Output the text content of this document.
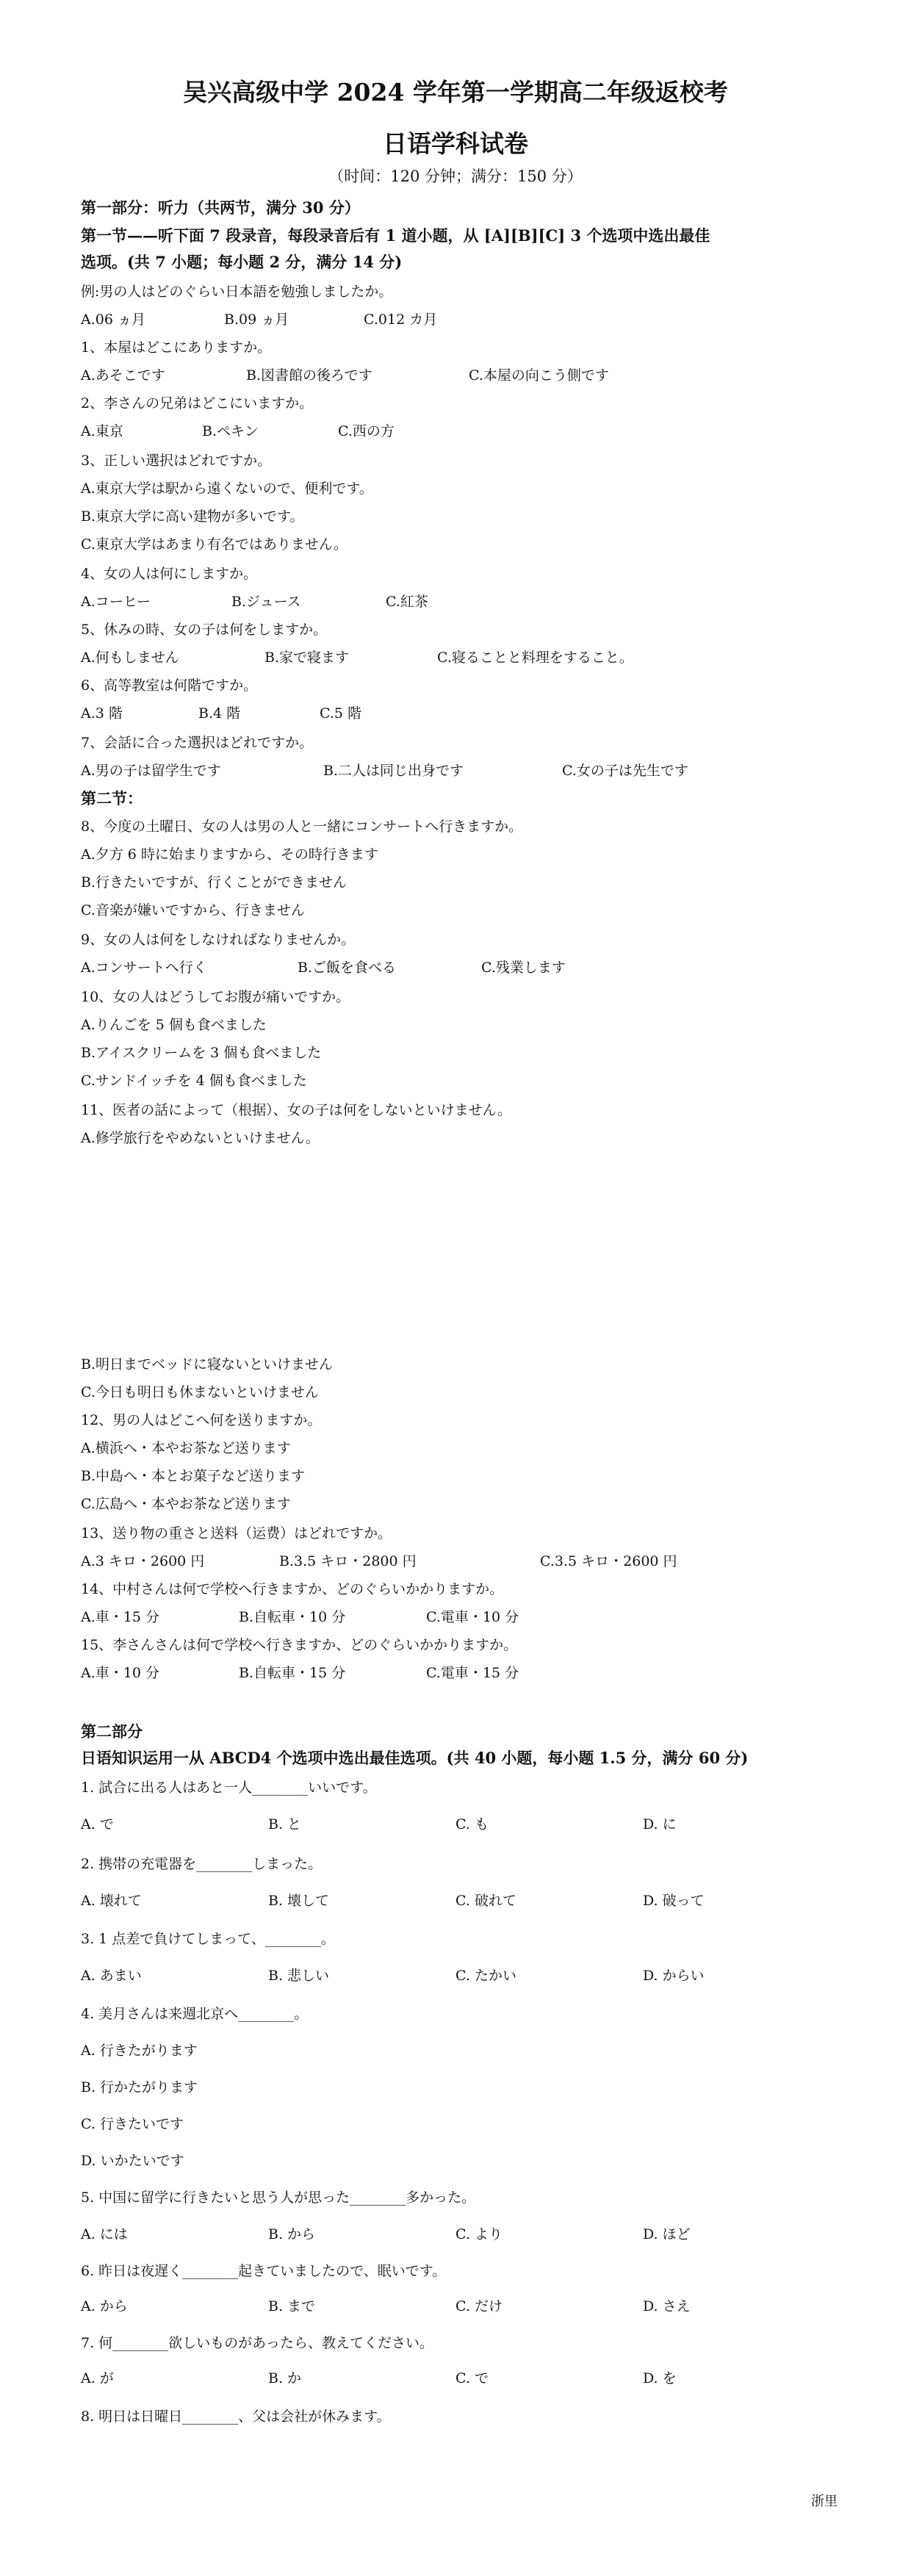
吴兴高级中学 2024 学年第一学期高二年级返校考
日语学科试卷
（时间：120 分钟；满分：150 分）
第一部分：听力（共两节，满分 30 分）
第一节——听下面 7 段录音，每段录音后有 1 道小题，从 [A][B][C] 3 个选项中选出最佳
选项。(共 7 小题；每小题 2 分，满分 14 分)
例:男の人はどのぐらい日本語を勉強しましたか。
A.06 ヵ月	B.09 ヵ月	C.012 カ月
1、本屋はどこにありますか。
A.あそこです	B.図書館の後ろです	C.本屋の向こう側です
2、李さんの兄弟はどこにいますか。
A.東京	B.ペキン	C.西の方
3、正しい選択はどれですか。
A.東京大学は駅から遠くないので、便利です。
B.東京大学に高い建物が多いです。
C.東京大学はあまり有名ではありません。
4、女の人は何にしますか。
A.コーヒー	B.ジュース	C.紅茶
5、休みの時、女の子は何をしますか。
A.何もしません	B.家で寝ます	C.寝ることと料理をすること。
6、高等教室は何階ですか。
A.3 階	B.4 階	C.5 階
7、会話に合った選択はどれですか。
A.男の子は留学生です	B.二人は同じ出身です	C.女の子は先生です
第二节：
8、今度の土曜日、女の人は男の人と一緒にコンサートへ行きますか。
A.夕方 6 時に始まりますから、その時行きます
B.行きたいですが、行くことができません
C.音楽が嫌いですから、行きません
9、女の人は何をしなければなりませんか。
A.コンサートへ行く	B.ご飯を食べる	C.残業します
10、女の人はどうしてお腹が痛いですか。
A.りんごを 5 個も食べました
B.アイスクリームを 3 個も食べました
C.サンドイッチを 4 個も食べました
11、医者の話によって（根据）、女の子は何をしないといけません。
A.修学旅行をやめないといけません。
B.明日までベッドに寝ないといけません
C.今日も明日も休まないといけません
12、男の人はどこへ何を送りますか。
A.横浜へ・本やお茶など送ります
B.中島へ・本とお菓子など送ります
C.広島へ・本やお茶など送ります
13、送り物の重さと送料（运费）はどれですか。
A.3 キロ・2600 円	B.3.5 キロ・2800 円	C.3.5 キロ・2600 円
14、中村さんは何で学校へ行きますか、どのぐらいかかりますか。
A.車・15 分	B.自転車・10 分	C.電車・10 分
15、李さんさんは何で学校へ行きますか、どのぐらいかかりますか。
A.車・10 分	B.自転車・15 分	C.電車・15 分
第二部分
日语知识运用一从 ABCD4 个选项中选出最佳选项。(共 40 小题，每小题 1.5 分，满分 60 分)
1. 試合に出る人はあと一人________いいです。
A. で	B. と	C. も	D. に
2. 携帯の充電器を________しまった。
A. 壊れて	B. 壊して	C. 破れて	D. 破って
3. 1 点差で負けてしまって、________。
A. あまい	B. 悲しい	C. たかい	D. からい
4. 美月さんは来週北京へ________。
A. 行きたがります
B. 行かたがります
C. 行きたいです
D. いかたいです
5. 中国に留学に行きたいと思う人が思った________多かった。
A. には	B. から	C. より	D. ほど
6. 昨日は夜遅く________起きていましたので、眠いです。
A. から	B. まで	C. だけ	D. さえ
7. 何________欲しいものがあったら、教えてください。
A. が	B. か	C. で	D. を
8. 明日は日曜日________、父は会社が休みます。
浙里
